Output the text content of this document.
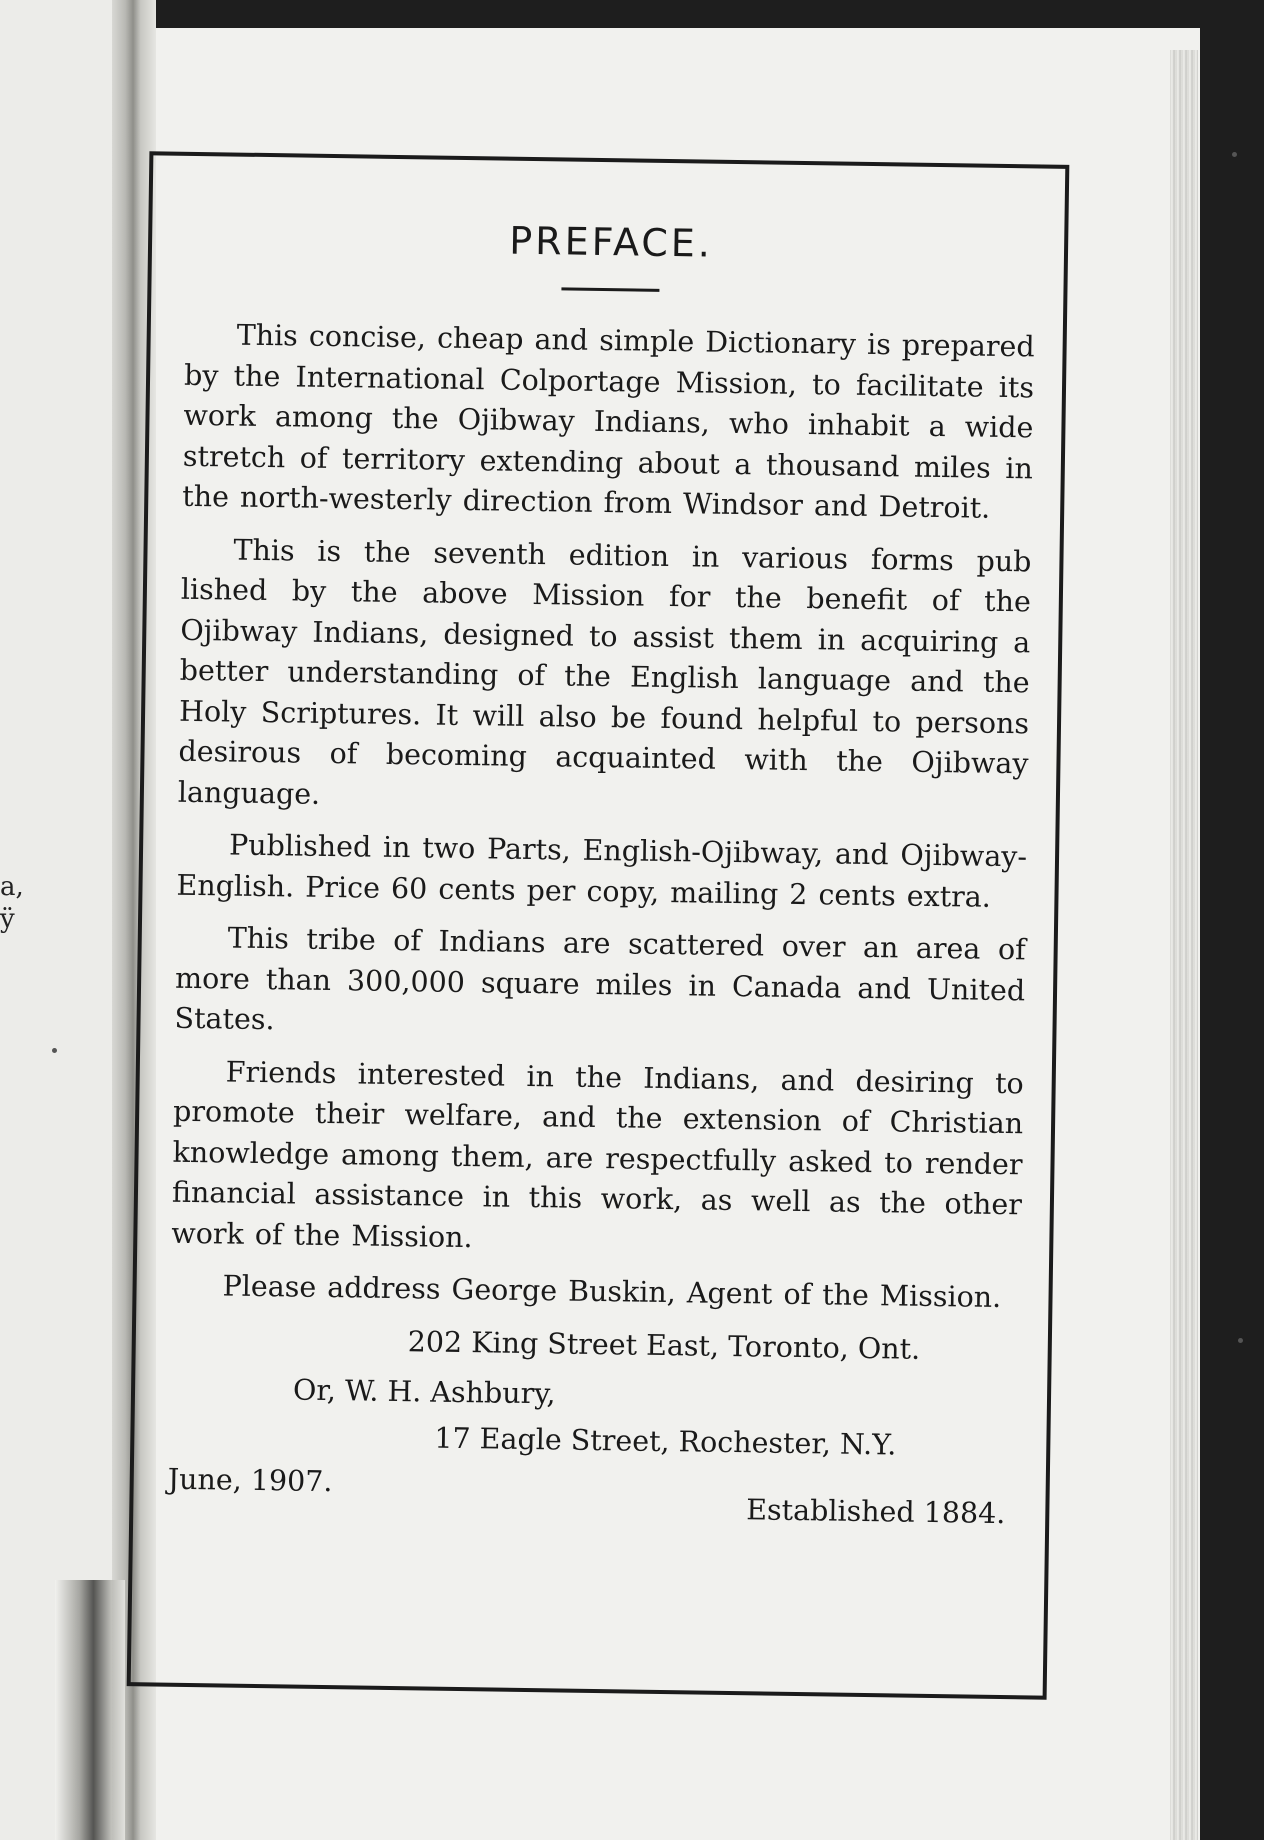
a,
ÿ
PREFACE.

This concise, cheap and simple Dictionary is prepared by the International Colportage Mission, to facilitate its work among the Ojibway Indians, who inhabit a wide stretch of territory extending about a thousand miles in the north-westerly direction from Windsor and Detroit.

This is the seventh edition in various forms pub lished by the above Mission for the benefit of the Ojibway Indians, designed to assist them in acquiring a better understanding of the English language and the Holy Scriptures. It will also be found helpful to persons desirous of becoming acquainted with the Ojibway language.

Published in two Parts, English-Ojibway, and Ojibway-English. Price 60 cents per copy, mailing 2 cents extra.

This tribe of Indians are scattered over an area of more than 300,000 square miles in Canada and United States.

Friends interested in the Indians, and desiring to promote their welfare, and the extension of Christian knowledge among them, are respectfully asked to render financial assistance in this work, as well as the other work of the Mission.

Please address George Buskin, Agent of the Mission.

202 King Street East, Toronto, Ont.

Or, W. H. Ashbury,

17 Eagle Street, Rochester, N.Y.

June, 1907.
Established 1884.
